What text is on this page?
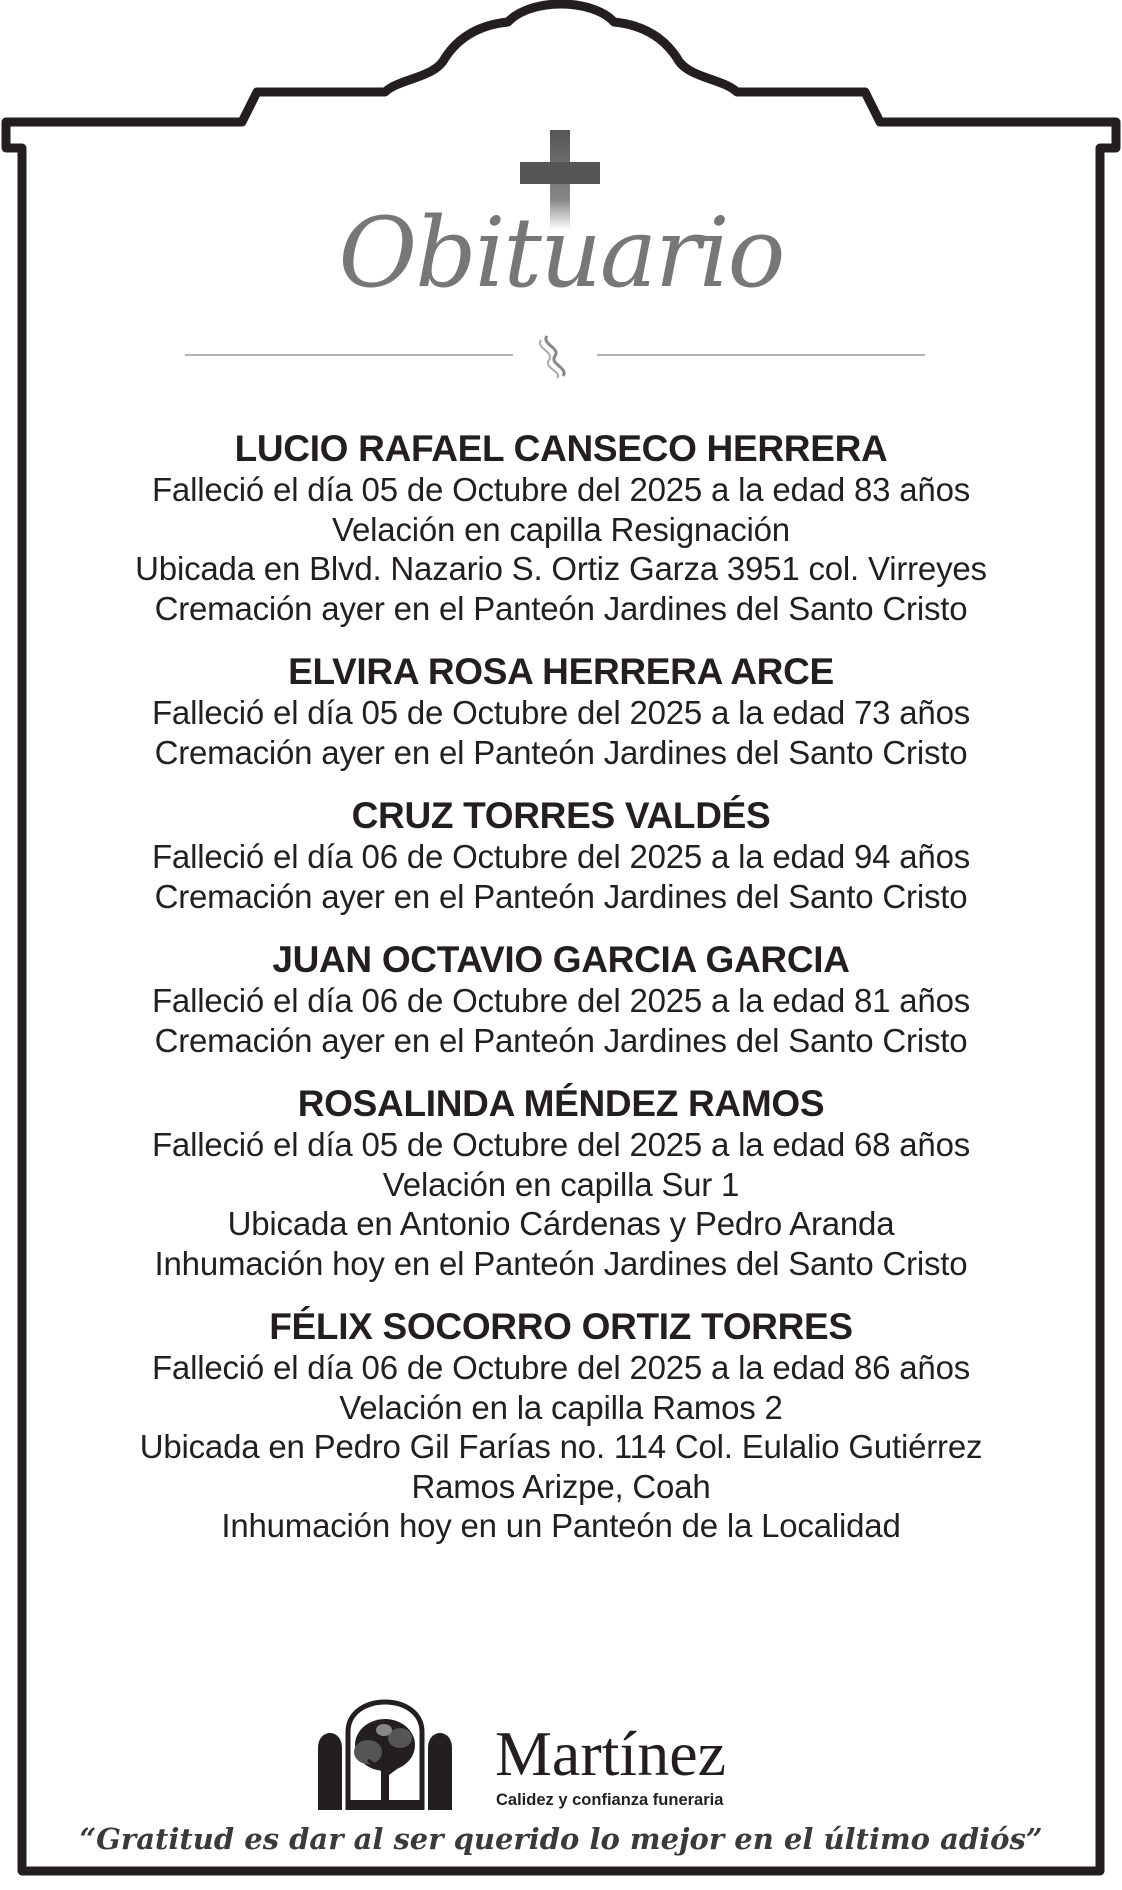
Obituario
LUCIO RAFAEL CANSECO HERRERA
Falleció el día 05 de Octubre del 2025 a la edad 83 años
Velación en capilla Resignación
Ubicada en Blvd. Nazario S. Ortiz Garza 3951 col. Virreyes
Cremación ayer en el Panteón Jardines del Santo Cristo
ELVIRA ROSA HERRERA ARCE
Falleció el día 05 de Octubre del 2025 a la edad 73 años
Cremación ayer en el Panteón Jardines del Santo Cristo
CRUZ TORRES VALDÉS
Falleció el día 06 de Octubre del 2025 a la edad 94 años
Cremación ayer en el Panteón Jardines del Santo Cristo
JUAN OCTAVIO GARCIA GARCIA
Falleció el día 06 de Octubre del 2025 a la edad 81 años
Cremación ayer en el Panteón Jardines del Santo Cristo
ROSALINDA MÉNDEZ RAMOS
Falleció el día 05 de Octubre del 2025 a la edad 68 años
Velación en capilla Sur 1
Ubicada en Antonio Cárdenas y Pedro Aranda
Inhumación hoy en el Panteón Jardines del Santo Cristo
FÉLIX SOCORRO ORTIZ TORRES
Falleció el día 06 de Octubre del 2025 a la edad 86 años
Velación en la capilla Ramos 2
Ubicada en Pedro Gil Farías no. 114 Col. Eulalio Gutiérrez
Ramos Arizpe, Coah
Inhumación hoy en un Panteón de la Localidad
Martínez
Calidez y confianza funeraria
“Gratitud es dar al ser querido lo mejor en el último adiós”
